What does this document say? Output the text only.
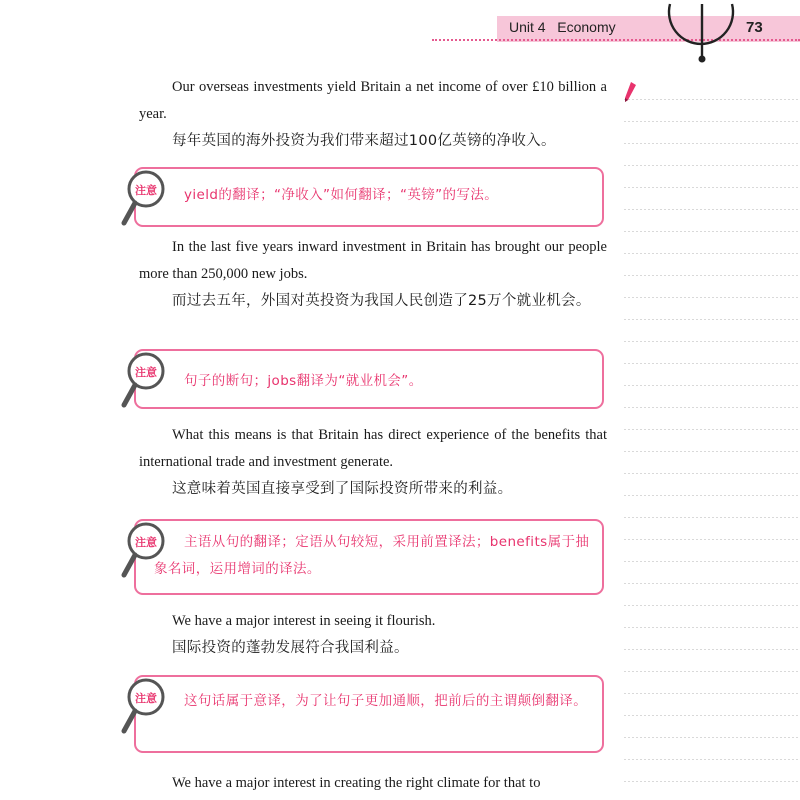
Unit 4   Economy	73

Our overseas investments yield Britain a net income of over £10 billion a year.

每年英国的海外投资为我们带来超过100亿英镑的净收入。

yield的翻译；“净收入”如何翻译；“英镑”的写法。
注意

In the last five years inward investment in Britain has brought our people more than 250,000 new jobs.

而过去五年，外国对英投资为我国人民创造了25万个就业机会。

句子的断句；jobs翻译为“就业机会”。
注意

What this means is that Britain has direct experience of the benefits that international trade and investment generate.

这意味着英国直接享受到了国际投资所带来的利益。

主语从句的翻译；定语从句较短，采用前置译法；benefits属于抽象名词，运用增词的译法。
注意

We have a major interest in seeing it flourish.

国际投资的蓬勃发展符合我国利益。

这句话属于意译，为了让句子更加通顺，把前后的主谓颠倒翻译。
注意

We have a major interest in creating the right climate for that to
